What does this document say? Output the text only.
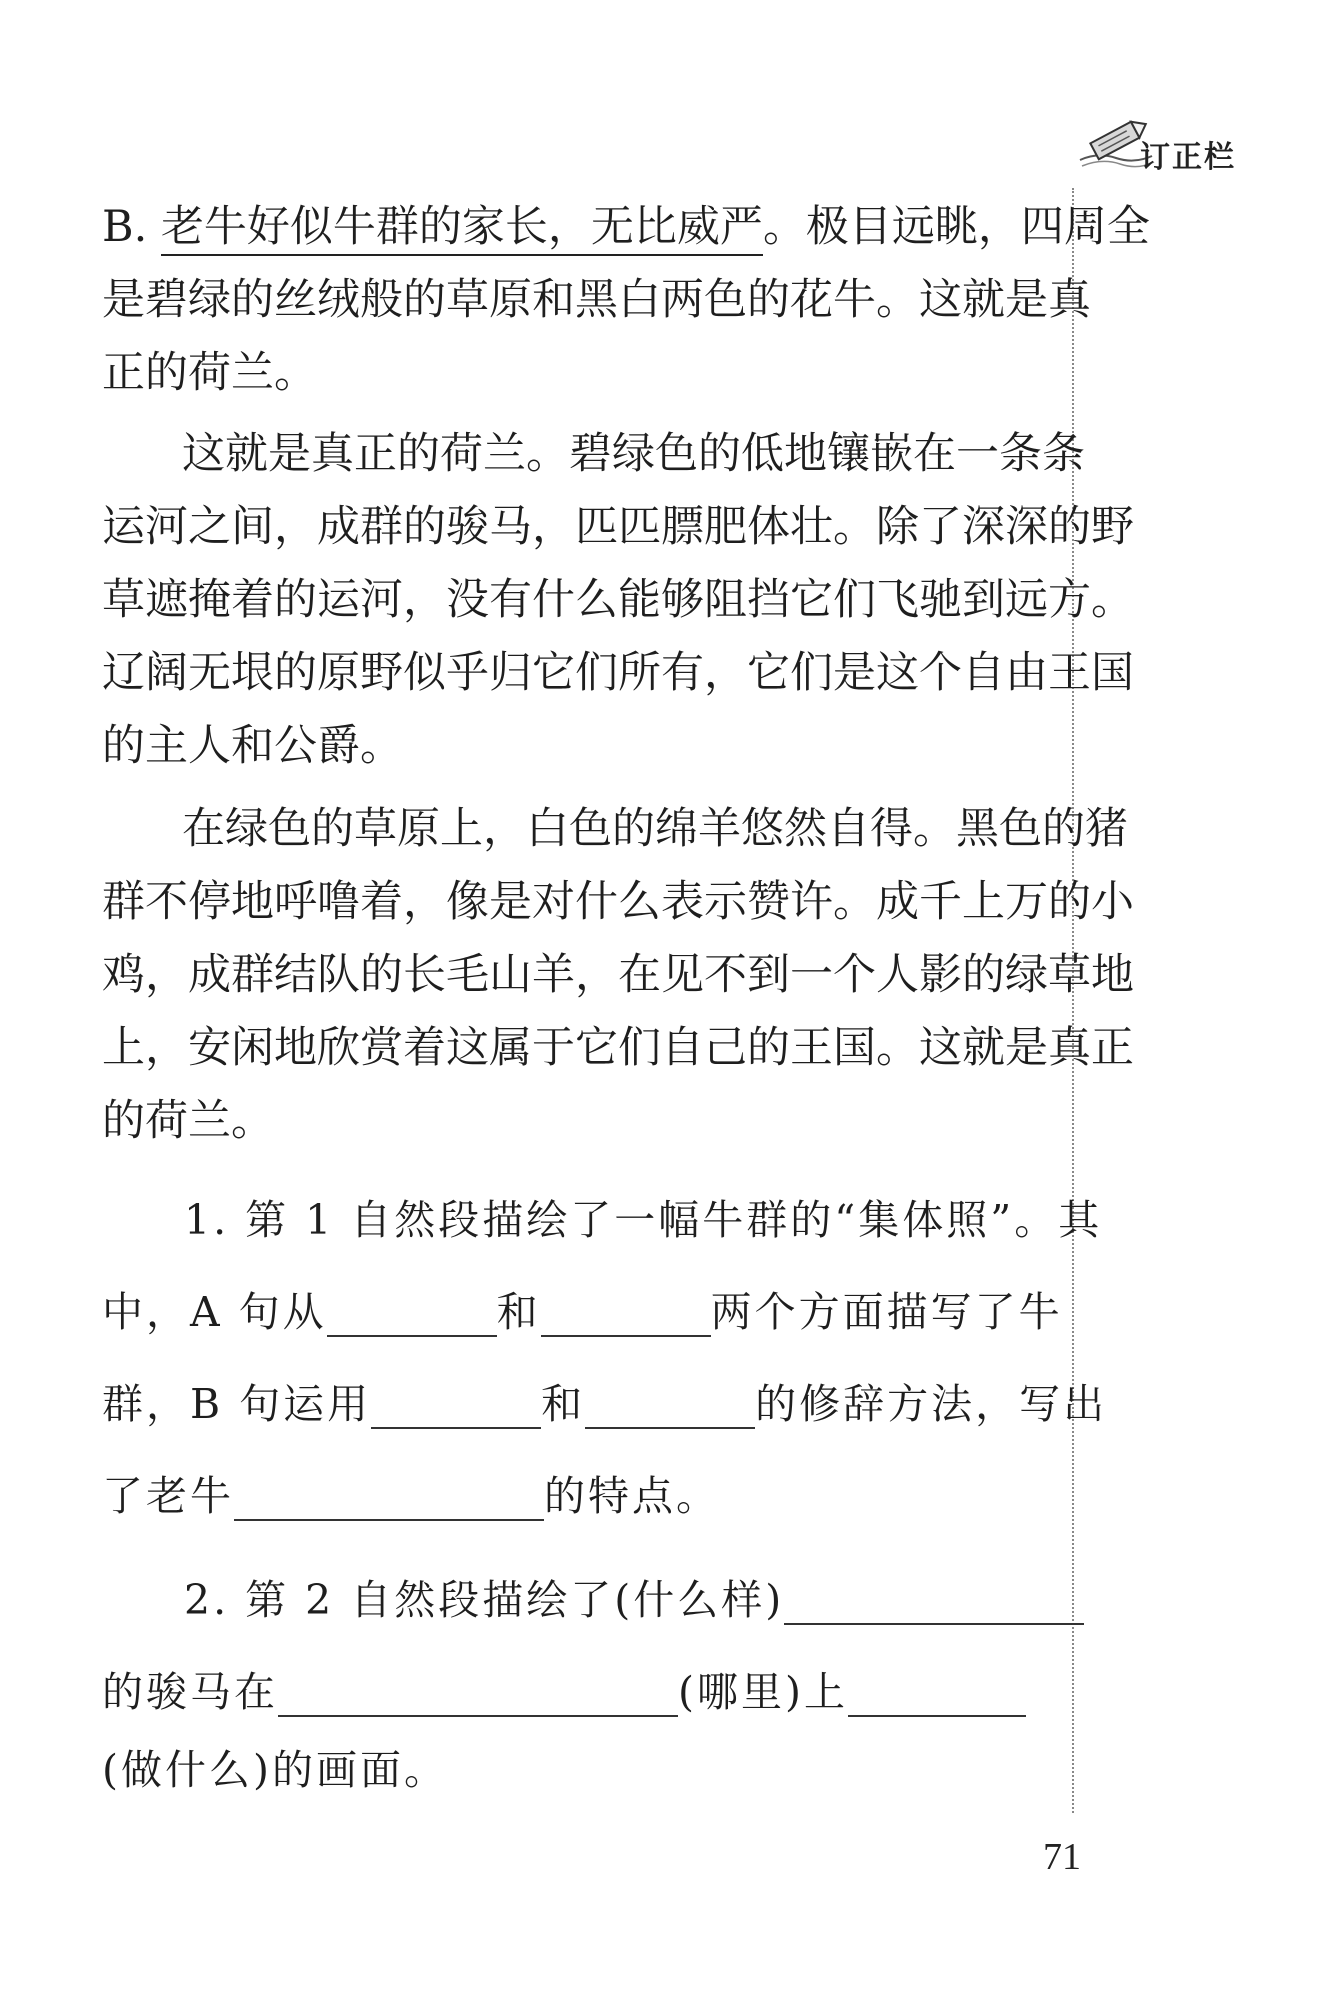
订正栏
B. 老牛好似牛群的家长，无比威严。极目远眺，四周全
是碧绿的丝绒般的草原和黑白两色的花牛。这就是真
正的荷兰。
这就是真正的荷兰。碧绿色的低地镶嵌在一条条
运河之间，成群的骏马，匹匹膘肥体壮。除了深深的野
草遮掩着的运河，没有什么能够阻挡它们飞驰到远方。
辽阔无垠的原野似乎归它们所有，它们是这个自由王国
的主人和公爵。
在绿色的草原上，白色的绵羊悠然自得。黑色的猪
群不停地呼噜着，像是对什么表示赞许。成千上万的小
鸡，成群结队的长毛山羊，在见不到一个人影的绿草地
上，安闲地欣赏着这属于它们自己的王国。这就是真正
的荷兰。
1. 第 1 自然段描绘了一幅牛群的“集体照”。其
中，A 句从	和	两个方面描写了牛
群，B 句运用	和	的修辞方法，写出
了老牛	的特点。
2. 第 2 自然段描绘了(什么样)
的骏马在	(哪里)上
(做什么)的画面。
71
